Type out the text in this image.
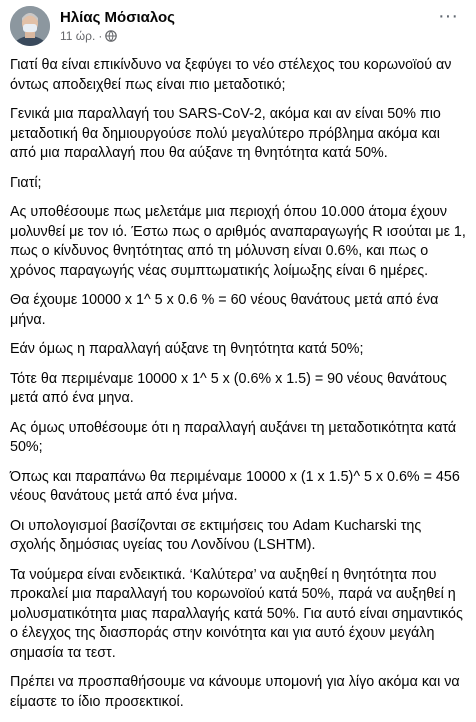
Ηλίας Μόσιαλος
11 ώρ. ·
···

Γιατί θα είναι επικίνδυνο να ξεφύγει το νέο στέλεχος του κορωνοϊού αν όντως αποδειχθεί πως είναι πιο μεταδοτικό;

Γενικά μια παραλλαγή του SARS-CoV-2, ακόμα και αν είναι 50% πιο μεταδοτική θα δημιουργούσε πολύ μεγαλύτερο πρόβλημα ακόμα και από μια παραλλαγή που θα αύξανε τη θνητότητα κατά 50%.

Γιατί;

Ας υποθέσουμε πως μελετάμε μια περιοχή όπου 10.000 άτομα έχουν μολυνθεί με τον ιό. Έστω πως ο αριθμός αναπαραγωγής R ισούται με 1, πως ο κίνδυνος θνητότητας από τη μόλυνση είναι 0.6%, και πως ο χρόνος παραγωγής νέας συμπτωματικής λοίμωξης είναι 6 ημέρες.

Θα έχουμε 10000 x 1^ 5 x 0.6 % = 60 νέους θανάτους μετά από ένα μήνα.

Εάν όμως η παραλλαγή αύξανε τη θνητότητα κατά 50%;

Τότε θα περιμέναμε 10000 x 1^ 5 x (0.6% x 1.5) = 90 νέους θανάτους μετά από ένα μηνα.

Ας όμως υποθέσουμε ότι η παραλλαγή αυξάνει τη μεταδοτικότητα κατά 50%;

Όπως και παραπάνω θα περιμέναμε 10000 x (1 x 1.5)^ 5 x 0.6% = 456 νέους θανάτους μετά από ένα μήνα.

Οι υπολογισμοί βασίζονται σε εκτιμήσεις του Adam Kucharski της σχολής δημόσιας υγείας του Λονδίνου (LSHTM).

Τα νούμερα είναι ενδεικτικά. ‘Καλύτερα’ να αυξηθεί η θνητότητα που προκαλεί μια παραλλαγή του κορωνοϊού κατά 50%, παρά να αυξηθεί η μολυσματικότητα μιας παραλλαγής κατά 50%. Για αυτό είναι σημαντικός ο έλεγχος της διασποράς στην κοινότητα και για αυτό έχουν μεγάλη σημασία τα τεστ.

Πρέπει να προσπαθήσουμε να κάνουμε υπομονή για λίγο ακόμα και να είμαστε το ίδιο προσεκτικοί.
